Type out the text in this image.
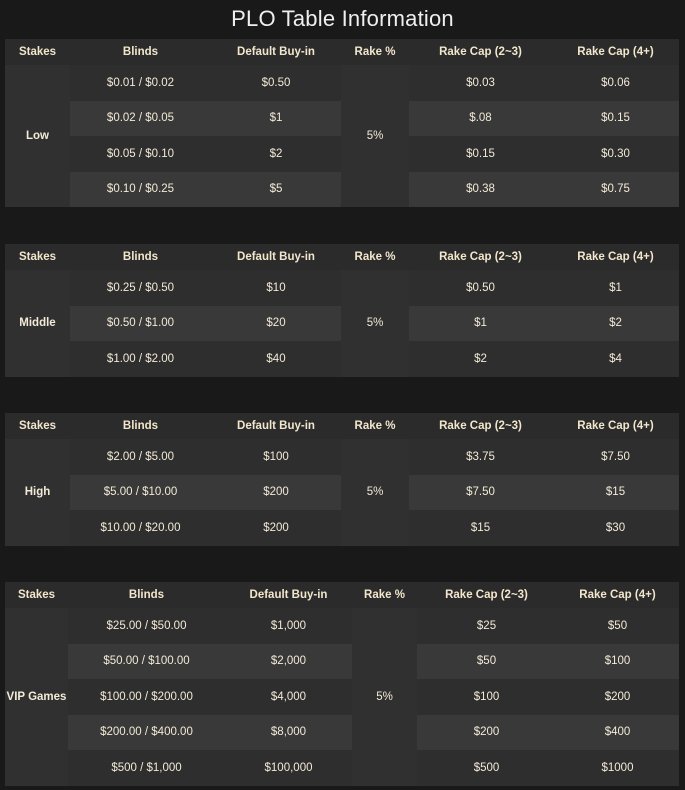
PLO Table Information
Stakes	Blinds	Default Buy-in	Rake %	Rake Cap (2~3)	Rake Cap (4+)
Low	$0.01 / $0.02	$0.50	5%	$0.03	$0.06
	$0.02 / $0.05	$1		$.08	$0.15
	$0.05 / $0.10	$2		$0.15	$0.30
	$0.10 / $0.25	$5		$0.38	$0.75
Stakes	Blinds	Default Buy-in	Rake %	Rake Cap (2~3)	Rake Cap (4+)
Middle	$0.25 / $0.50	$10	5%	$0.50	$1
	$0.50 / $1.00	$20		$1	$2
	$1.00 / $2.00	$40		$2	$4
Stakes	Blinds	Default Buy-in	Rake %	Rake Cap (2~3)	Rake Cap (4+)
High	$2.00 / $5.00	$100	5%	$3.75	$7.50
	$5.00 / $10.00	$200		$7.50	$15
	$10.00 / $20.00	$200		$15	$30
Stakes	Blinds	Default Buy-in	Rake %	Rake Cap (2~3)	Rake Cap (4+)
VIP Games	$25.00 / $50.00	$1,000	5%	$25	$50
	$50.00 / $100.00	$2,000		$50	$100
	$100.00 / $200.00	$4,000		$100	$200
	$200.00 / $400.00	$8,000		$200	$400
	$500 / $1,000	$100,000		$500	$1000
